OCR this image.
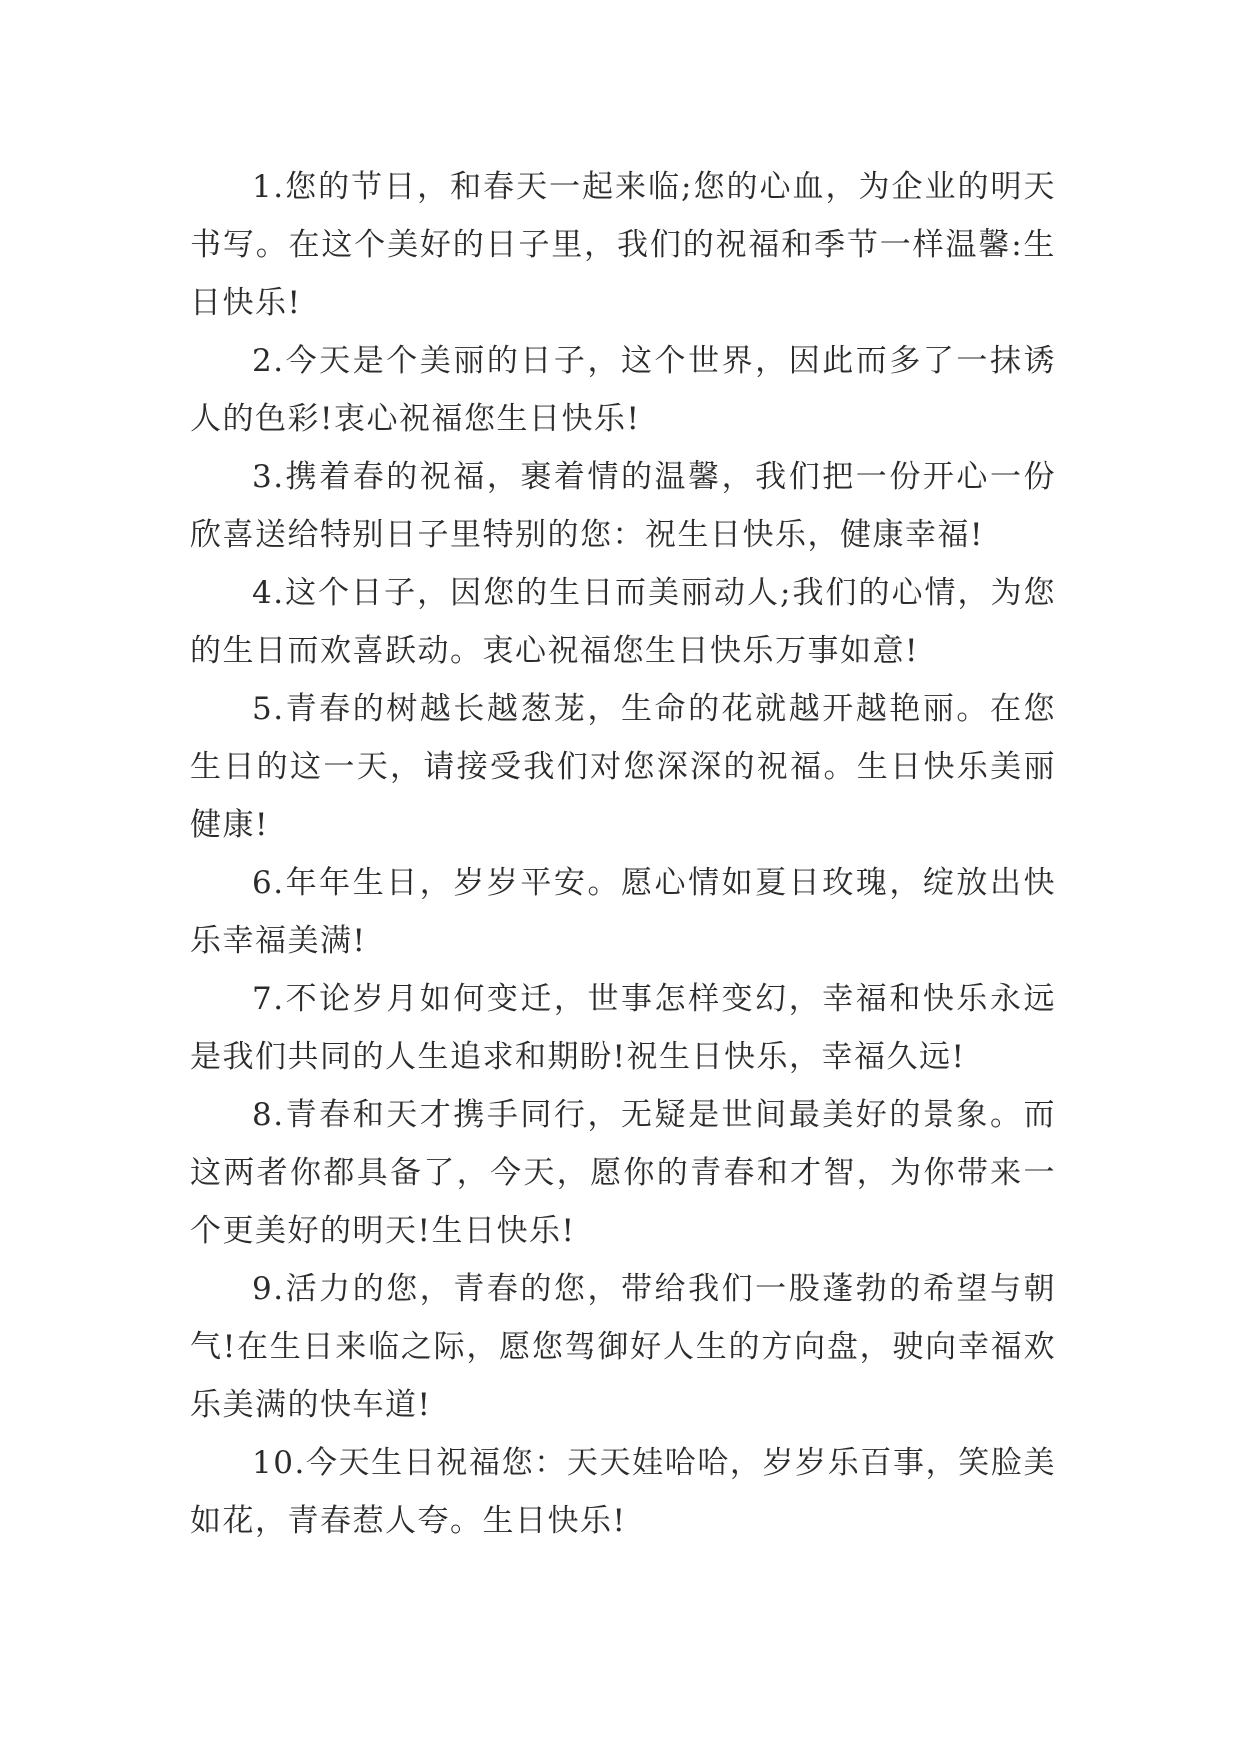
1.您的节日，和春天一起来临;您的心血，为企业的明天书写。在这个美好的日子里，我们的祝福和季节一样温馨:生日快乐!

2.今天是个美丽的日子，这个世界，因此而多了一抹诱人的色彩!衷心祝福您生日快乐!

3.携着春的祝福，裹着情的温馨，我们把一份开心一份欣喜送给特别日子里特别的您：祝生日快乐，健康幸福!

4.这个日子，因您的生日而美丽动人;我们的心情，为您的生日而欢喜跃动。衷心祝福您生日快乐万事如意!

5.青春的树越长越葱茏，生命的花就越开越艳丽。在您生日的这一天，请接受我们对您深深的祝福。生日快乐美丽健康!

6.年年生日，岁岁平安。愿心情如夏日玫瑰，绽放出快乐幸福美满!

7.不论岁月如何变迁，世事怎样变幻，幸福和快乐永远是我们共同的人生追求和期盼!祝生日快乐，幸福久远!

8.青春和天才携手同行，无疑是世间最美好的景象。而这两者你都具备了，今天，愿你的青春和才智，为你带来一个更美好的明天!生日快乐!

9.活力的您，青春的您，带给我们一股蓬勃的希望与朝气!在生日来临之际，愿您驾御好人生的方向盘，驶向幸福欢乐美满的快车道!

10.今天生日祝福您：天天娃哈哈，岁岁乐百事，笑脸美如花，青春惹人夸。生日快乐!
